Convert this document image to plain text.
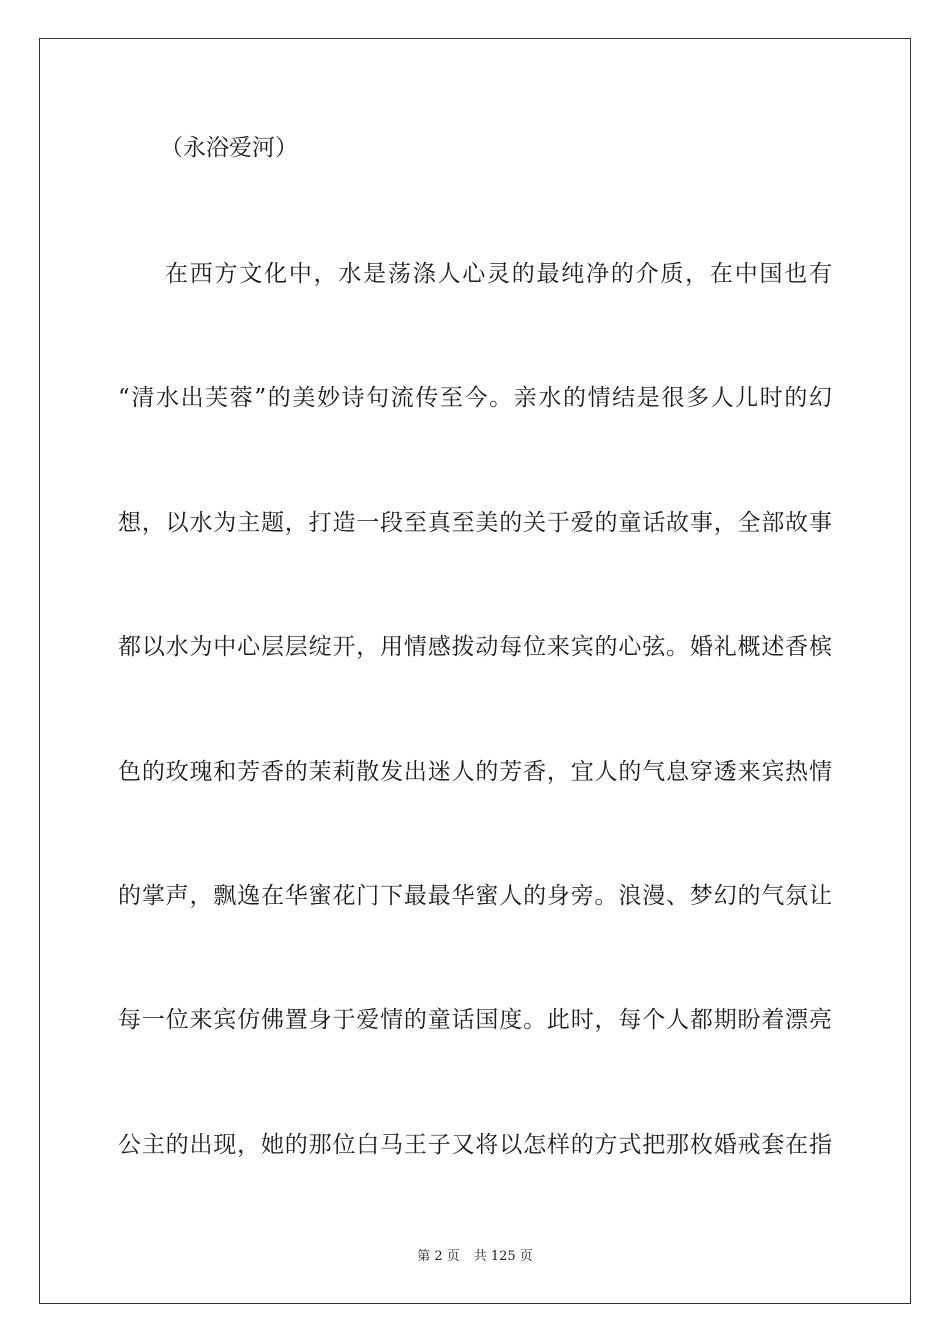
（永浴爱河）
在西方文化中，水是荡涤人心灵的最纯净的介质，在中国也有
“清水出芙蓉”的美妙诗句流传至今。亲水的情结是很多人儿时的幻
想，以水为主题，打造一段至真至美的关于爱的童话故事，全部故事
都以水为中心层层绽开，用情感拨动每位来宾的心弦。婚礼概述香槟
色的玫瑰和芳香的茉莉散发出迷人的芳香，宜人的气息穿透来宾热情
的掌声，飘逸在华蜜花门下最最华蜜人的身旁。浪漫、梦幻的气氛让
每一位来宾仿佛置身于爱情的童话国度。此时，每个人都期盼着漂亮
公主的出现，她的那位白马王子又将以怎样的方式把那枚婚戒套在指
第 2 页 共 125 页
